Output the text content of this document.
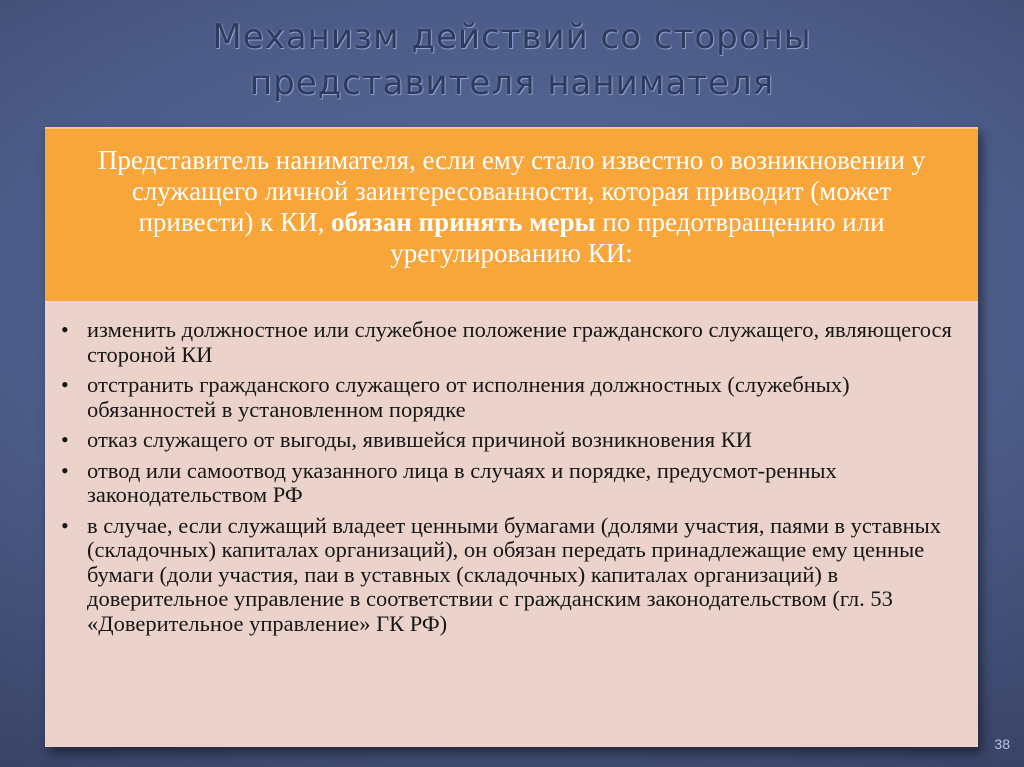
Механизм действий со стороны
представителя нанимателя
Представитель нанимателя, если ему стало известно о возникновении у служащего личной заинтересованности, которая приводит (может привести) к КИ, обязан принять меры по предотвращению или урегулированию КИ:
• изменить должностное или служебное положение гражданского служащего, являющегося стороной КИ
• отстранить гражданского служащего от исполнения должностных (служебных) обязанностей в установленном порядке
• отказ служащего от выгоды, явившейся причиной возникновения КИ
• отвод или самоотвод указанного лица в случаях и порядке, предусмот-ренных законодательством РФ
• в случае, если служащий владеет ценными бумагами (долями участия, паями в уставных (складочных) капиталах организаций), он обязан передать принадлежащие ему ценные бумаги (доли участия, паи в уставных (складочных) капиталах организаций) в доверительное управление в соответствии с гражданским законодательством (гл. 53 «Доверительное управление» ГК РФ)
38
